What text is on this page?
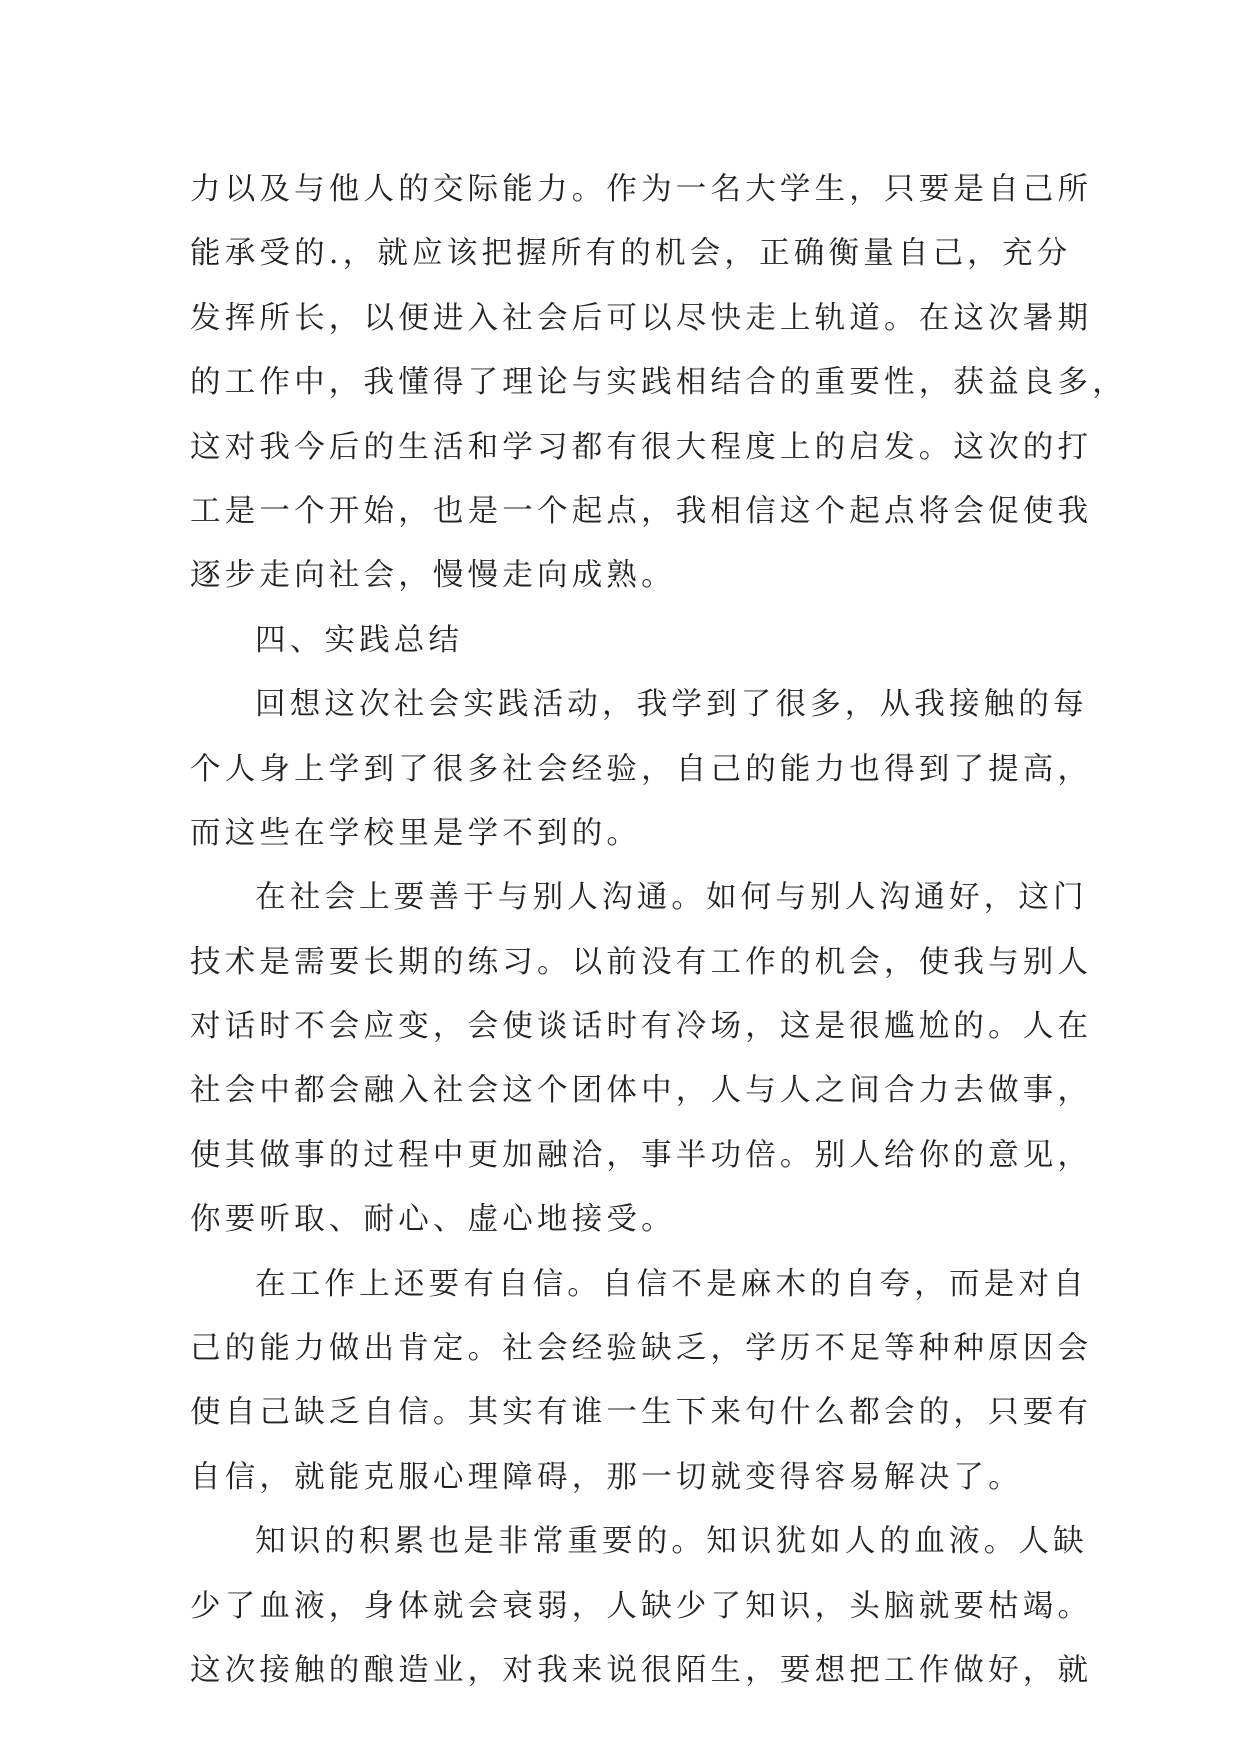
力以及与他人的交际能力。作为一名大学生，只要是自己所
能承受的.，就应该把握所有的机会，正确衡量自己，充分
发挥所长，以便进入社会后可以尽快走上轨道。在这次暑期
的工作中，我懂得了理论与实践相结合的重要性，获益良多，
这对我今后的生活和学习都有很大程度上的启发。这次的打
工是一个开始，也是一个起点，我相信这个起点将会促使我
逐步走向社会，慢慢走向成熟。
四、实践总结
回想这次社会实践活动，我学到了很多，从我接触的每
个人身上学到了很多社会经验，自己的能力也得到了提高，
而这些在学校里是学不到的。
在社会上要善于与别人沟通。如何与别人沟通好，这门
技术是需要长期的练习。以前没有工作的机会，使我与别人
对话时不会应变，会使谈话时有冷场，这是很尴尬的。人在
社会中都会融入社会这个团体中，人与人之间合力去做事，
使其做事的过程中更加融洽，事半功倍。别人给你的意见，
你要听取、耐心、虚心地接受。
在工作上还要有自信。自信不是麻木的自夸，而是对自
己的能力做出肯定。社会经验缺乏，学历不足等种种原因会
使自己缺乏自信。其实有谁一生下来句什么都会的，只要有
自信，就能克服心理障碍，那一切就变得容易解决了。
知识的积累也是非常重要的。知识犹如人的血液。人缺
少了血液，身体就会衰弱，人缺少了知识，头脑就要枯竭。
这次接触的酿造业，对我来说很陌生，要想把工作做好，就
